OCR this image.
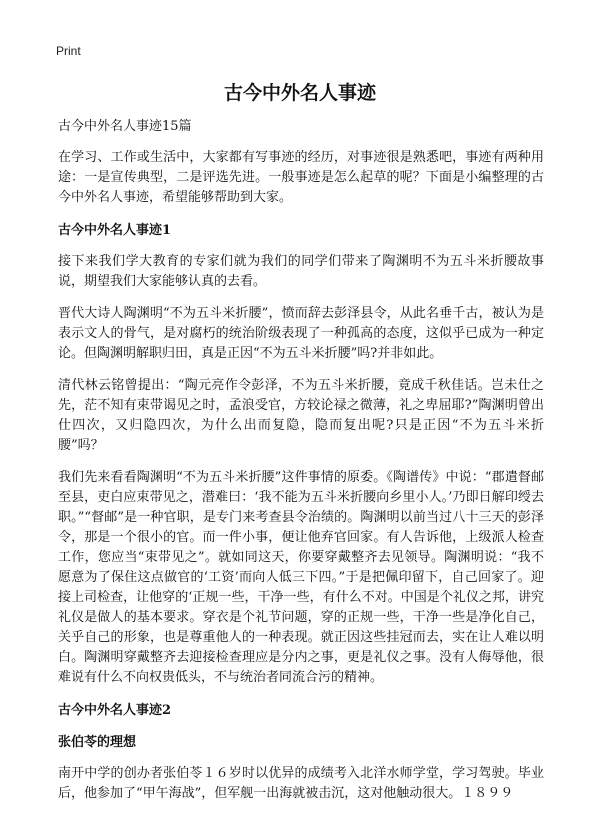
Print
古今中外名人事迹
古今中外名人事迹15篇

在学习、工作或生活中，大家都有写事迹的经历，对事迹很是熟悉吧，事迹有两种用途：一是宣传典型，二是评选先进。一般事迹是怎么起草的呢？下面是小编整理的古今中外名人事迹，希望能够帮助到大家。

古今中外名人事迹1

接下来我们学大教育的专家们就为我们的同学们带来了陶渊明不为五斗米折腰故事说，期望我们大家能够认真的去看。

晋代大诗人陶渊明“不为五斗米折腰”，愤而辞去彭泽县令，从此名垂千古，被认为是表示文人的骨气，是对腐朽的统治阶级表现了一种孤高的态度，这似乎已成为一种定论。但陶渊明解职归田，真是正因“不为五斗米折腰”吗?并非如此。

清代林云铭曾提出：“陶元亮作令彭泽，不为五斗米折腰，竟成千秋佳话。岂未仕之先，茫不知有束带谒见之时，孟浪受官，方较论禄之微薄，礼之卑屈耶?”陶渊明曾出仕四次，又归隐四次，为什么出而复隐，隐而复出呢?只是正因“不为五斗米折腰”吗？

我们先来看看陶渊明“不为五斗米折腰”这件事情的原委。《陶谱传》中说：“郡遣督邮至县，吏白应束带见之，潜难曰：‘我不能为五斗米折腰向乡里小人。’乃即日解印绶去职。”“督邮”是一种官职，是专门来考查县令治绩的。陶渊明以前当过八十三天的彭泽令，那是一个很小的官。而一件小事，便让他弃官回家。有人告诉他，上级派人检查工作，您应当“束带见之”。就如同这天，你要穿戴整齐去见领导。陶渊明说：“我不愿意为了保住这点做官的‘工资’而向人低三下四。”于是把佩印留下，自己回家了。迎接上司检查，让他穿的‘正规一些，干净一些，有什么不对。中国是个礼仪之邦，讲究礼仪是做人的基本要求。穿衣是个礼节问题，穿的正规一些，干净一些是净化自己，关乎自己的形象，也是尊重他人的一种表现。就正因这些挂冠而去，实在让人难以明白。陶渊明穿戴整齐去迎接检查理应是分内之事，更是礼仪之事。没有人侮辱他，很难说有什么不向权贵低头，不与统治者同流合污的精神。

古今中外名人事迹2
张伯苓的理想

南开中学的创办者张伯苓１６岁时以优异的成绩考入北洋水师学堂，学习驾驶。毕业后，他参加了“甲午海战”，但军舰一出海就被击沉，这对他触动很大。１８９９
